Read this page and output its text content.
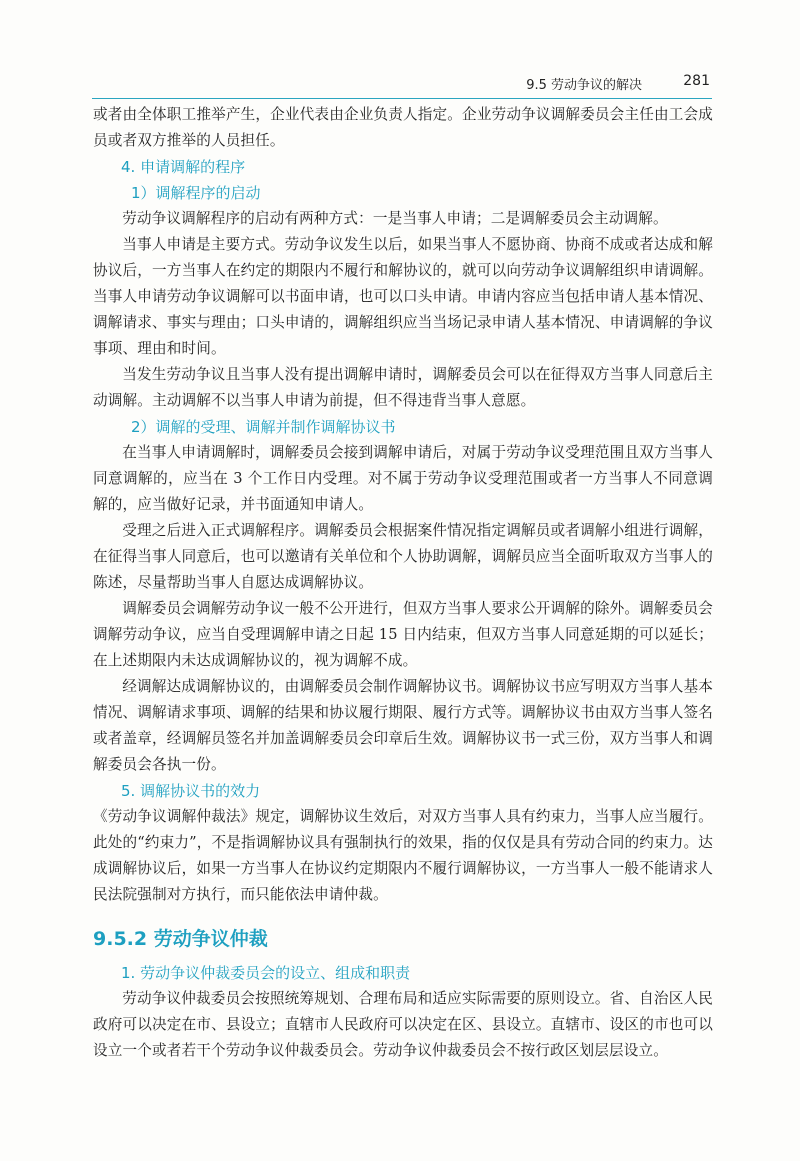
9.5 劳动争议的解决	281

或者由全体职工推举产生，企业代表由企业负责人指定。企业劳动争议调解委员会主任由工会成员或者双方推举的人员担任。

4. 申请调解的程序

1）调解程序的启动

劳动争议调解程序的启动有两种方式：一是当事人申请；二是调解委员会主动调解。

当事人申请是主要方式。劳动争议发生以后，如果当事人不愿协商、协商不成或者达成和解协议后，一方当事人在约定的期限内不履行和解协议的，就可以向劳动争议调解组织申请调解。当事人申请劳动争议调解可以书面申请，也可以口头申请。申请内容应当包括申请人基本情况、调解请求、事实与理由；口头申请的，调解组织应当当场记录申请人基本情况、申请调解的争议事项、理由和时间。

当发生劳动争议且当事人没有提出调解申请时，调解委员会可以在征得双方当事人同意后主动调解。主动调解不以当事人申请为前提，但不得违背当事人意愿。

2）调解的受理、调解并制作调解协议书

在当事人申请调解时，调解委员会接到调解申请后，对属于劳动争议受理范围且双方当事人同意调解的，应当在 3 个工作日内受理。对不属于劳动争议受理范围或者一方当事人不同意调解的，应当做好记录，并书面通知申请人。

受理之后进入正式调解程序。调解委员会根据案件情况指定调解员或者调解小组进行调解，在征得当事人同意后，也可以邀请有关单位和个人协助调解，调解员应当全面听取双方当事人的陈述，尽量帮助当事人自愿达成调解协议。

调解委员会调解劳动争议一般不公开进行，但双方当事人要求公开调解的除外。调解委员会调解劳动争议，应当自受理调解申请之日起 15 日内结束，但双方当事人同意延期的可以延长；在上述期限内未达成调解协议的，视为调解不成。

经调解达成调解协议的，由调解委员会制作调解协议书。调解协议书应写明双方当事人基本情况、调解请求事项、调解的结果和协议履行期限、履行方式等。调解协议书由双方当事人签名或者盖章，经调解员签名并加盖调解委员会印章后生效。调解协议书一式三份，双方当事人和调解委员会各执一份。

5. 调解协议书的效力

《劳动争议调解仲裁法》规定，调解协议生效后，对双方当事人具有约束力，当事人应当履行。此处的“约束力”，不是指调解协议具有强制执行的效果，指的仅仅是具有劳动合同的约束力。达成调解协议后，如果一方当事人在协议约定期限内不履行调解协议，一方当事人一般不能请求人民法院强制对方执行，而只能依法申请仲裁。

9.5.2 劳动争议仲裁

1. 劳动争议仲裁委员会的设立、组成和职责

劳动争议仲裁委员会按照统筹规划、合理布局和适应实际需要的原则设立。省、自治区人民政府可以决定在市、县设立；直辖市人民政府可以决定在区、县设立。直辖市、设区的市也可以设立一个或者若干个劳动争议仲裁委员会。劳动争议仲裁委员会不按行政区划层层设立。
